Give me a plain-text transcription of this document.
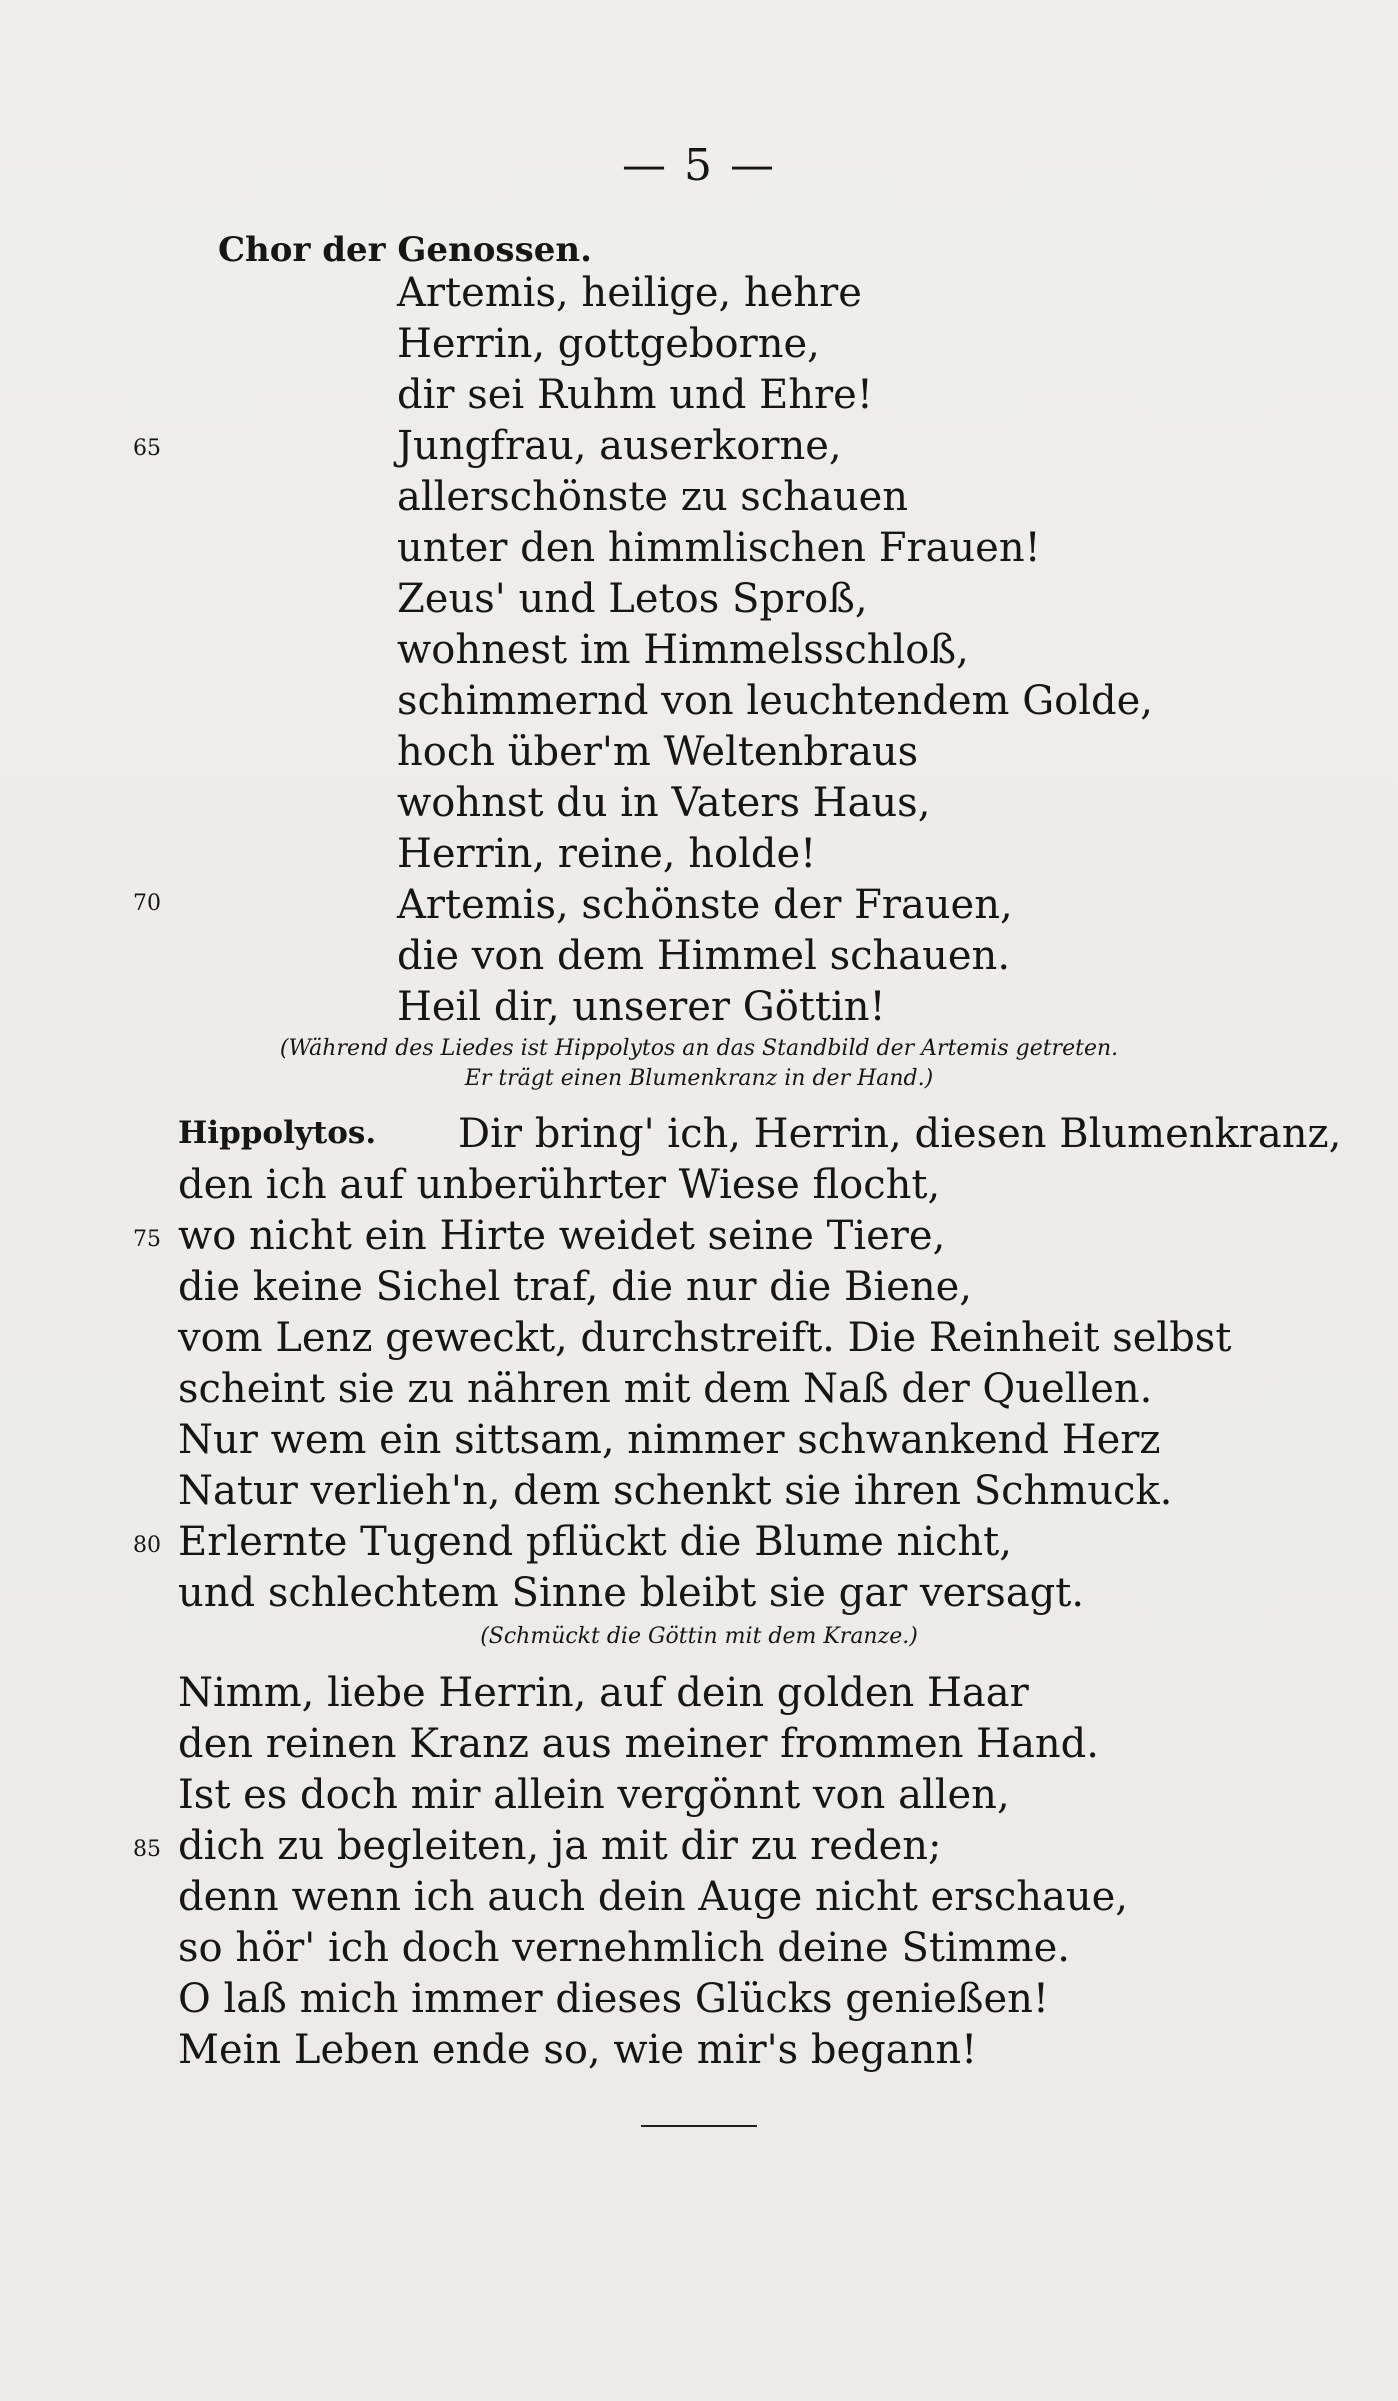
— 5 —
Chor der Genossen.
Artemis, heilige, hehre
Herrin, gottgeborne,
dir sei Ruhm und Ehre!
65	Jungfrau, auserkorne,
allerschönste zu schauen
unter den himmlischen Frauen!
Zeus' und Letos Sproß,
wohnest im Himmelsschloß,
schimmernd von leuchtendem Golde,
hoch über'm Weltenbraus
wohnst du in Vaters Haus,
Herrin, reine, holde!
70	Artemis, schönste der Frauen,
die von dem Himmel schauen.
Heil dir, unserer Göttin!
(Während des Liedes ist Hippolytos an das Standbild der Artemis getreten.
Er trägt einen Blumenkranz in der Hand.)
Hippolytos. Dir bring' ich, Herrin, diesen Blumenkranz,
den ich auf unberührter Wiese flocht,
75 wo nicht ein Hirte weidet seine Tiere,
die keine Sichel traf, die nur die Biene,
vom Lenz geweckt, durchstreift. Die Reinheit selbst
scheint sie zu nähren mit dem Naß der Quellen.
Nur wem ein sittsam, nimmer schwankend Herz
Natur verlieh'n, dem schenkt sie ihren Schmuck.
80 Erlernte Tugend pflückt die Blume nicht,
und schlechtem Sinne bleibt sie gar versagt.
(Schmückt die Göttin mit dem Kranze.)
Nimm, liebe Herrin, auf dein golden Haar
den reinen Kranz aus meiner frommen Hand.
Ist es doch mir allein vergönnt von allen,
85 dich zu begleiten, ja mit dir zu reden;
denn wenn ich auch dein Auge nicht erschaue,
so hör' ich doch vernehmlich deine Stimme.
O laß mich immer dieses Glücks genießen!
Mein Leben ende so, wie mir's begann!
